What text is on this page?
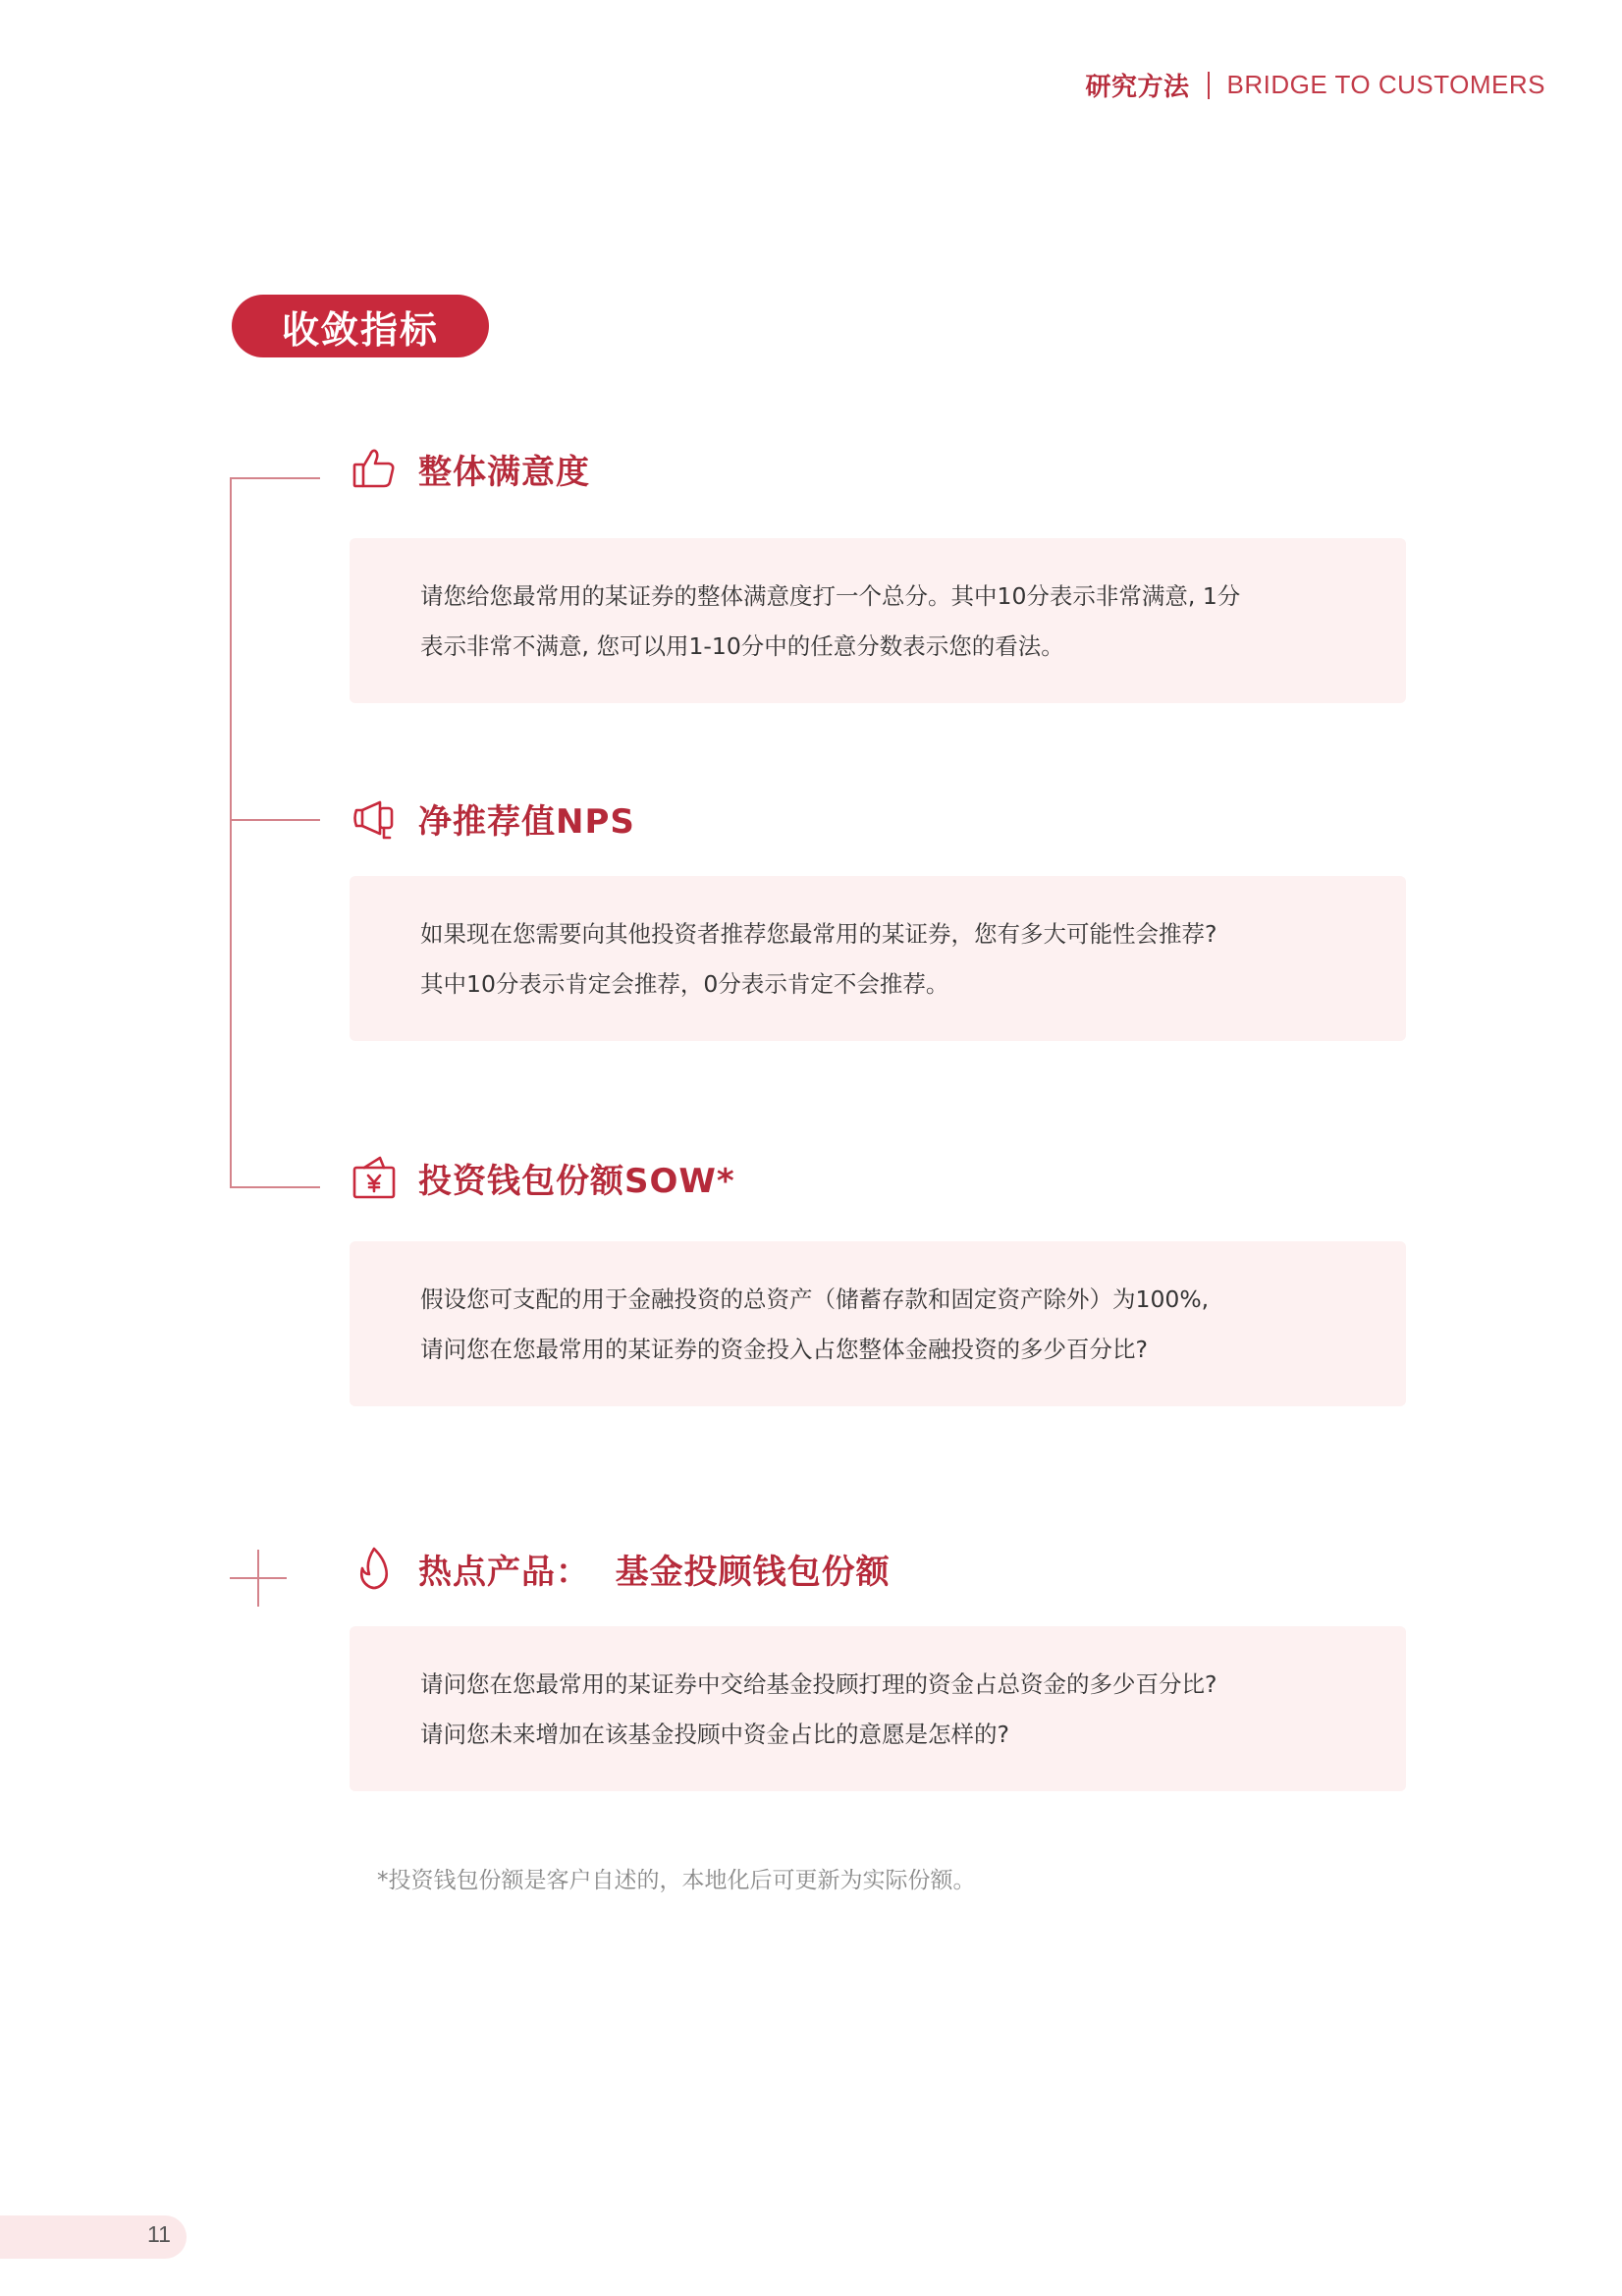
研究方法 BRIDGE TO CUSTOMERS
收敛指标
整体满意度

请您给您最常用的某证券的整体满意度打一个总分。其中10分表示非常满意, 1分

表示非常不满意, 您可以用1-10分中的任意分数表示您的看法。

净推荐值NPS

如果现在您需要向其他投资者推荐您最常用的某证券，您有多大可能性会推荐?

其中10分表示肯定会推荐，0分表示肯定不会推荐。

投资钱包份额SOW*

假设您可支配的用于金融投资的总资产（储蓄存款和固定资产除外）为100%,

请问您在您最常用的某证券的资金投入占您整体金融投资的多少百分比?

热点产品：  基金投顾钱包份额

请问您在您最常用的某证券中交给基金投顾打理的资金占总资金的多少百分比?

请问您未来增加在该基金投顾中资金占比的意愿是怎样的?

*投资钱包份额是客户自述的，本地化后可更新为实际份额。
11
